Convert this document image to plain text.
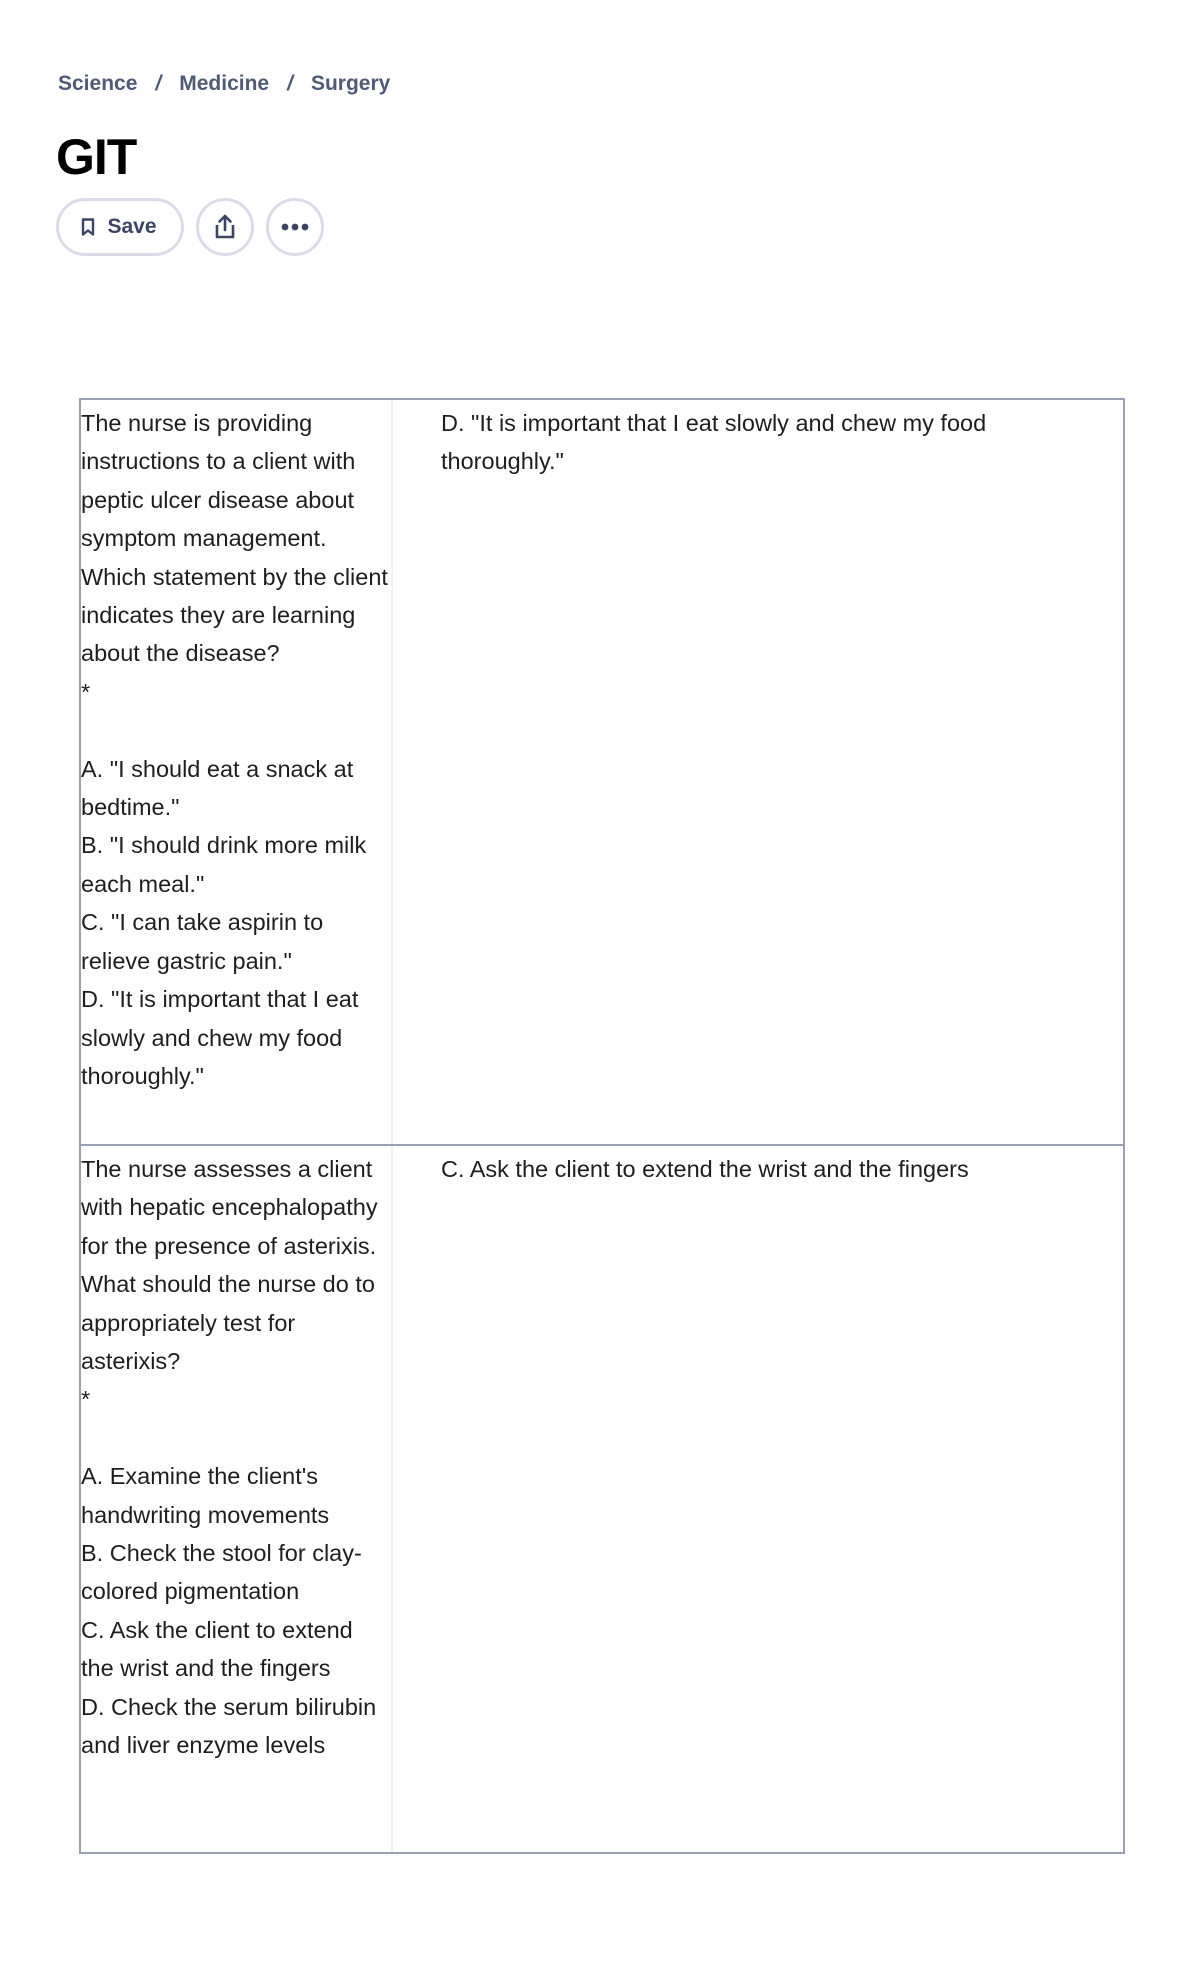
Science / Medicine / Surgery
GIT
Save
The nurse is providing instructions to a client with peptic ulcer disease about symptom management. Which statement by the client indicates they are learning about the disease?
*

A. "I should eat a snack at bedtime."
B. "I should drink more milk each meal."
C. "I can take aspirin to relieve gastric pain."
D. "It is important that I eat slowly and chew my food thoroughly."
D. "It is important that I eat slowly and chew my food thoroughly."
The nurse assesses a client with hepatic encephalopathy for the presence of asterixis. What should the nurse do to appropriately test for asterixis?
*

A. Examine the client's handwriting movements
B. Check the stool for clay-colored pigmentation
C. Ask the client to extend the wrist and the fingers
D. Check the serum bilirubin and liver enzyme levels
C. Ask the client to extend the wrist and the fingers
